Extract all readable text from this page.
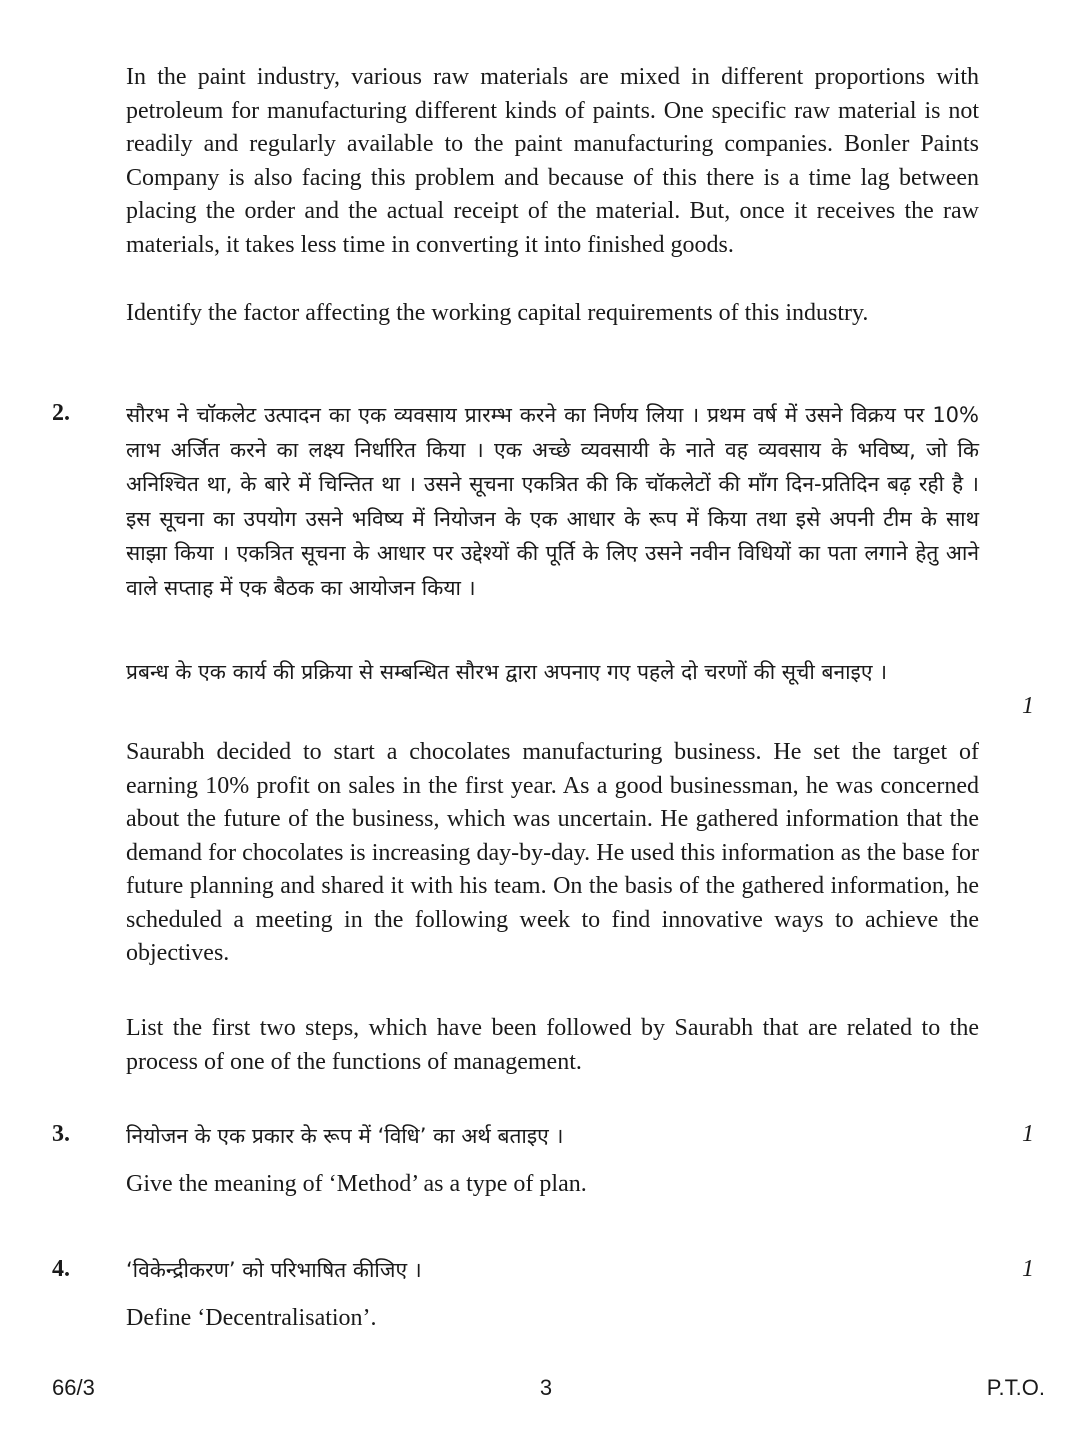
In the paint industry, various raw materials are mixed in different proportions with petroleum for manufacturing different kinds of paints. One specific raw material is not readily and regularly available to the paint manufacturing companies. Bonler Paints Company is also facing this problem and because of this there is a time lag between placing the order and the actual receipt of the material. But, once it receives the raw materials, it takes less time in converting it into finished goods.

Identify the factor affecting the working capital requirements of this industry.

2.	सौरभ ने चॉकलेट उत्पादन का एक व्यवसाय प्रारम्भ करने का निर्णय लिया । प्रथम वर्ष में उसने विक्रय पर 10% लाभ अर्जित करने का लक्ष्य निर्धारित किया । एक अच्छे व्यवसायी के नाते वह व्यवसाय के भविष्य, जो कि अनिश्चित था, के बारे में चिन्तित था । उसने सूचना एकत्रित की कि चॉकलेटों की माँग दिन-प्रतिदिन बढ़ रही है । इस सूचना का उपयोग उसने भविष्य में नियोजन के एक आधार के रूप में किया तथा इसे अपनी टीम के साथ साझा किया । एकत्रित सूचना के आधार पर उद्देश्यों की पूर्ति के लिए उसने नवीन विधियों का पता लगाने हेतु आने वाले सप्ताह में एक बैठक का आयोजन किया ।

प्रबन्ध के एक कार्य की प्रक्रिया से सम्बन्धित सौरभ द्वारा अपनाए गए पहले दो चरणों की सूची बनाइए ।

1

Saurabh decided to start a chocolates manufacturing business. He set the target of earning 10% profit on sales in the first year. As a good businessman, he was concerned about the future of the business, which was uncertain. He gathered information that the demand for chocolates is increasing day-by-day. He used this information as the base for future planning and shared it with his team. On the basis of the gathered information, he scheduled a meeting in the following week to find innovative ways to achieve the objectives.

List the first two steps, which have been followed by Saurabh that are related to the process of one of the functions of management.

3.	नियोजन के एक प्रकार के रूप में ‘विधि’ का अर्थ बताइए ।	1

Give the meaning of ‘Method’ as a type of plan.

4.	‘विकेन्द्रीकरण’ को परिभाषित कीजिए ।	1

Define ‘Decentralisation’.

66/3	3	P.T.O.
